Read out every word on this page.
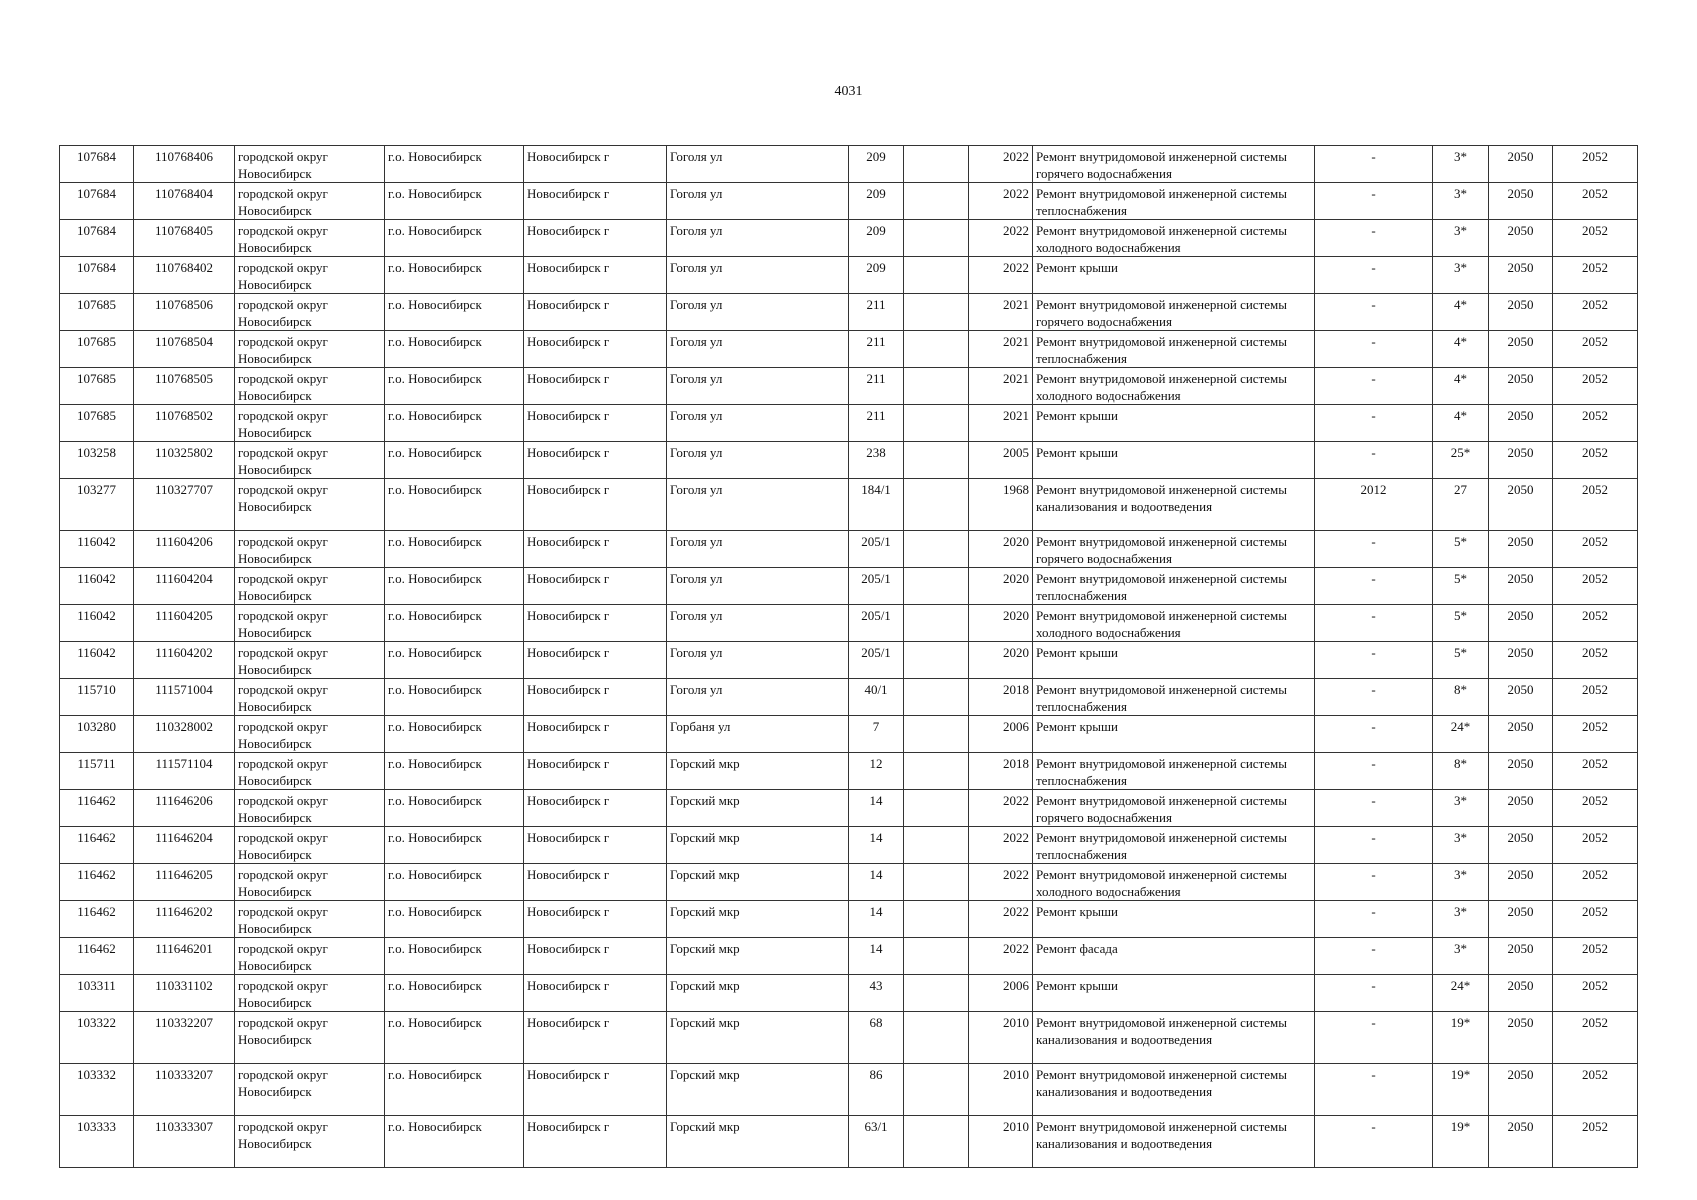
4031
107684	110768406	городской округ Новосибирск	г.о. Новосибирск	Новосибирск г	Гоголя ул	209		2022	Ремонт внутридомовой инженерной системы горячего водоснабжения	-	3*	2050	2052
107684	110768404	городской округ Новосибирск	г.о. Новосибирск	Новосибирск г	Гоголя ул	209		2022	Ремонт внутридомовой инженерной системы теплоснабжения	-	3*	2050	2052
107684	110768405	городской округ Новосибирск	г.о. Новосибирск	Новосибирск г	Гоголя ул	209		2022	Ремонт внутридомовой инженерной системы холодного водоснабжения	-	3*	2050	2052
107684	110768402	городской округ Новосибирск	г.о. Новосибирск	Новосибирск г	Гоголя ул	209		2022	Ремонт крыши	-	3*	2050	2052
107685	110768506	городской округ Новосибирск	г.о. Новосибирск	Новосибирск г	Гоголя ул	211		2021	Ремонт внутридомовой инженерной системы горячего водоснабжения	-	4*	2050	2052
107685	110768504	городской округ Новосибирск	г.о. Новосибирск	Новосибирск г	Гоголя ул	211		2021	Ремонт внутридомовой инженерной системы теплоснабжения	-	4*	2050	2052
107685	110768505	городской округ Новосибирск	г.о. Новосибирск	Новосибирск г	Гоголя ул	211		2021	Ремонт внутридомовой инженерной системы холодного водоснабжения	-	4*	2050	2052
107685	110768502	городской округ Новосибирск	г.о. Новосибирск	Новосибирск г	Гоголя ул	211		2021	Ремонт крыши	-	4*	2050	2052
103258	110325802	городской округ Новосибирск	г.о. Новосибирск	Новосибирск г	Гоголя ул	238		2005	Ремонт крыши	-	25*	2050	2052
103277	110327707	городской округ Новосибирск	г.о. Новосибирск	Новосибирск г	Гоголя ул	184/1		1968	Ремонт внутридомовой инженерной системы канализования и водоотведения	2012	27	2050	2052
116042	111604206	городской округ Новосибирск	г.о. Новосибирск	Новосибирск г	Гоголя ул	205/1		2020	Ремонт внутридомовой инженерной системы горячего водоснабжения	-	5*	2050	2052
116042	111604204	городской округ Новосибирск	г.о. Новосибирск	Новосибирск г	Гоголя ул	205/1		2020	Ремонт внутридомовой инженерной системы теплоснабжения	-	5*	2050	2052
116042	111604205	городской округ Новосибирск	г.о. Новосибирск	Новосибирск г	Гоголя ул	205/1		2020	Ремонт внутридомовой инженерной системы холодного водоснабжения	-	5*	2050	2052
116042	111604202	городской округ Новосибирск	г.о. Новосибирск	Новосибирск г	Гоголя ул	205/1		2020	Ремонт крыши	-	5*	2050	2052
115710	111571004	городской округ Новосибирск	г.о. Новосибирск	Новосибирск г	Гоголя ул	40/1		2018	Ремонт внутридомовой инженерной системы теплоснабжения	-	8*	2050	2052
103280	110328002	городской округ Новосибирск	г.о. Новосибирск	Новосибирск г	Горбаня ул	7		2006	Ремонт крыши	-	24*	2050	2052
115711	111571104	городской округ Новосибирск	г.о. Новосибирск	Новосибирск г	Горский мкр	12		2018	Ремонт внутридомовой инженерной системы теплоснабжения	-	8*	2050	2052
116462	111646206	городской округ Новосибирск	г.о. Новосибирск	Новосибирск г	Горский мкр	14		2022	Ремонт внутридомовой инженерной системы горячего водоснабжения	-	3*	2050	2052
116462	111646204	городской округ Новосибирск	г.о. Новосибирск	Новосибирск г	Горский мкр	14		2022	Ремонт внутридомовой инженерной системы теплоснабжения	-	3*	2050	2052
116462	111646205	городской округ Новосибирск	г.о. Новосибирск	Новосибирск г	Горский мкр	14		2022	Ремонт внутридомовой инженерной системы холодного водоснабжения	-	3*	2050	2052
116462	111646202	городской округ Новосибирск	г.о. Новосибирск	Новосибирск г	Горский мкр	14		2022	Ремонт крыши	-	3*	2050	2052
116462	111646201	городской округ Новосибирск	г.о. Новосибирск	Новосибирск г	Горский мкр	14		2022	Ремонт фасада	-	3*	2050	2052
103311	110331102	городской округ Новосибирск	г.о. Новосибирск	Новосибирск г	Горский мкр	43		2006	Ремонт крыши	-	24*	2050	2052
103322	110332207	городской округ Новосибирск	г.о. Новосибирск	Новосибирск г	Горский мкр	68		2010	Ремонт внутридомовой инженерной системы канализования и водоотведения	-	19*	2050	2052
103332	110333207	городской округ Новосибирск	г.о. Новосибирск	Новосибирск г	Горский мкр	86		2010	Ремонт внутридомовой инженерной системы канализования и водоотведения	-	19*	2050	2052
103333	110333307	городской округ Новосибирск	г.о. Новосибирск	Новосибирск г	Горский мкр	63/1		2010	Ремонт внутридомовой инженерной системы канализования и водоотведения	-	19*	2050	2052
